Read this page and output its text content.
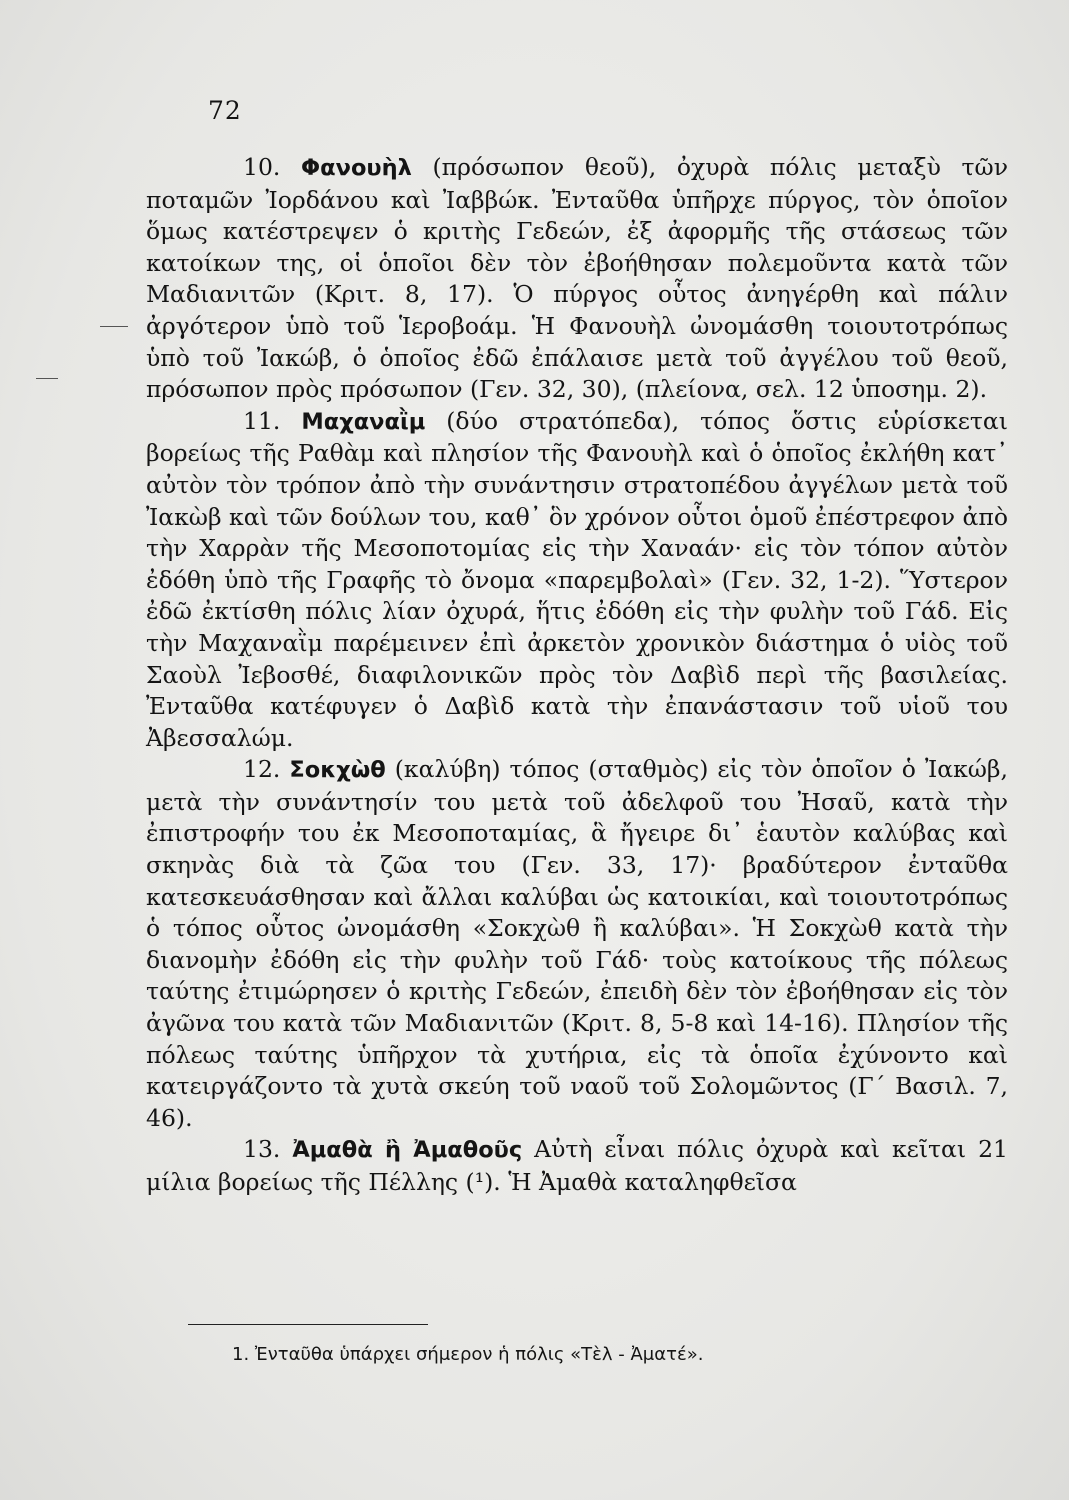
72

10. Φανουὴλ (πρόσωπον θεοῦ), ὀχυρὰ πόλις μεταξὺ τῶν ποταμῶν Ἰορδάνου καὶ Ἰαββώκ. Ἐνταῦθα ὑπῆρχε πύργος, τὸν ὁποῖον ὅμως κατέστρεψεν ὁ κριτὴς Γεδεών, ἐξ ἀφορμῆς τῆς στάσεως τῶν κατοίκων της, οἱ ὁποῖοι δὲν τὸν ἐβοήθησαν πολεμοῦντα κατὰ τῶν Μαδιανιτῶν (Κριτ. 8, 17). Ὁ πύργος οὗτος ἀνηγέρθη καὶ πάλιν ἀργότερον ὑπὸ τοῦ Ἱεροβοάμ. Ἡ Φανουὴλ ὠνομάσθη τοιουτοτρόπως ὑπὸ τοῦ Ἰακώβ, ὁ ὁποῖος ἐδῶ ἐπάλαισε μετὰ τοῦ ἀγγέλου τοῦ θεοῦ, πρόσωπον πρὸς πρόσωπον (Γεν. 32, 30), (πλείονα, σελ. 12 ὑποσημ. 2).

11. Μαχαναῒμ (δύο στρατόπεδα), τόπος ὅστις εὑρίσκεται βορείως τῆς Ραθὰμ καὶ πλησίον τῆς Φανουὴλ καὶ ὁ ὁποῖος ἐκλήθη κατ᾽ αὐτὸν τὸν τρόπον ἀπὸ τὴν συνάντησιν στρατοπέδου ἀγγέλων μετὰ τοῦ Ἰακὼβ καὶ τῶν δούλων του, καθ᾽ ὃν χρόνον οὗτοι ὁμοῦ ἐπέστρεφον ἀπὸ τὴν Χαρρὰν τῆς Μεσοποτομίας εἰς τὴν Χαναάν· εἰς τὸν τόπον αὐτὸν ἐδόθη ὑπὸ τῆς Γραφῆς τὸ ὄνομα «παρεμβολαὶ» (Γεν. 32, 1-2). Ὕστερον ἐδῶ ἐκτίσθη πόλις λίαν ὀχυρά, ἥτις ἐδόθη εἰς τὴν φυλὴν τοῦ Γάδ. Εἰς τὴν Μαχαναῒμ παρέμεινεν ἐπὶ ἀρκετὸν χρονικὸν διάστημα ὁ υἱὸς τοῦ Σαοὺλ Ἰεβοσθέ, διαφιλονικῶν πρὸς τὸν Δαβὶδ περὶ τῆς βασιλείας. Ἐνταῦθα κατέφυγεν ὁ Δαβὶδ κατὰ τὴν ἐπανάστασιν τοῦ υἱοῦ του Ἀβεσσαλώμ.

12. Σοκχὼθ (καλύβη) τόπος (σταθμὸς) εἰς τὸν ὁποῖον ὁ Ἰακώβ, μετὰ τὴν συνάντησίν του μετὰ τοῦ ἀδελφοῦ του Ἠσαῦ, κατὰ τὴν ἐπιστροφήν του ἐκ Μεσοποταμίας, ἃ ἤγειρε δι᾽ ἑαυτὸν καλύβας καὶ σκηνὰς διὰ τὰ ζῶα του (Γεν. 33, 17)· βραδύτερον ἐνταῦθα κατεσκευάσθησαν καὶ ἄλλαι καλύβαι ὡς κατοικίαι, καὶ τοιουτοτρόπως ὁ τόπος οὗτος ὠνομάσθη «Σοκχὼθ ἢ καλύβαι». Ἡ Σοκχὼθ κατὰ τὴν διανομὴν ἐδόθη εἰς τὴν φυλὴν τοῦ Γάδ· τοὺς κατοίκους τῆς πόλεως ταύτης ἐτιμώρησεν ὁ κριτὴς Γεδεών, ἐπειδὴ δὲν τὸν ἐβοήθησαν εἰς τὸν ἀγῶνα του κατὰ τῶν Μαδιανιτῶν (Κριτ. 8, 5-8 καὶ 14-16). Πλησίον τῆς πόλεως ταύτης ὑπῆρχον τὰ χυτήρια, εἰς τὰ ὁποῖα ἐχύνοντο καὶ κατειργάζοντο τὰ χυτὰ σκεύη τοῦ ναοῦ τοῦ Σολομῶντος (Γ´ Βασιλ. 7, 46).

13. Ἀμαθὰ ἢ Ἀμαθοῦς Αὐτὴ εἶναι πόλις ὀχυρὰ καὶ κεῖται 21 μίλια βορείως τῆς Πέλλης (¹). Ἡ Ἀμαθὰ καταληφθεῖσα

1. Ἐνταῦθα ὑπάρχει σήμερον ἡ πόλις «Τὲλ - Ἀματέ».
